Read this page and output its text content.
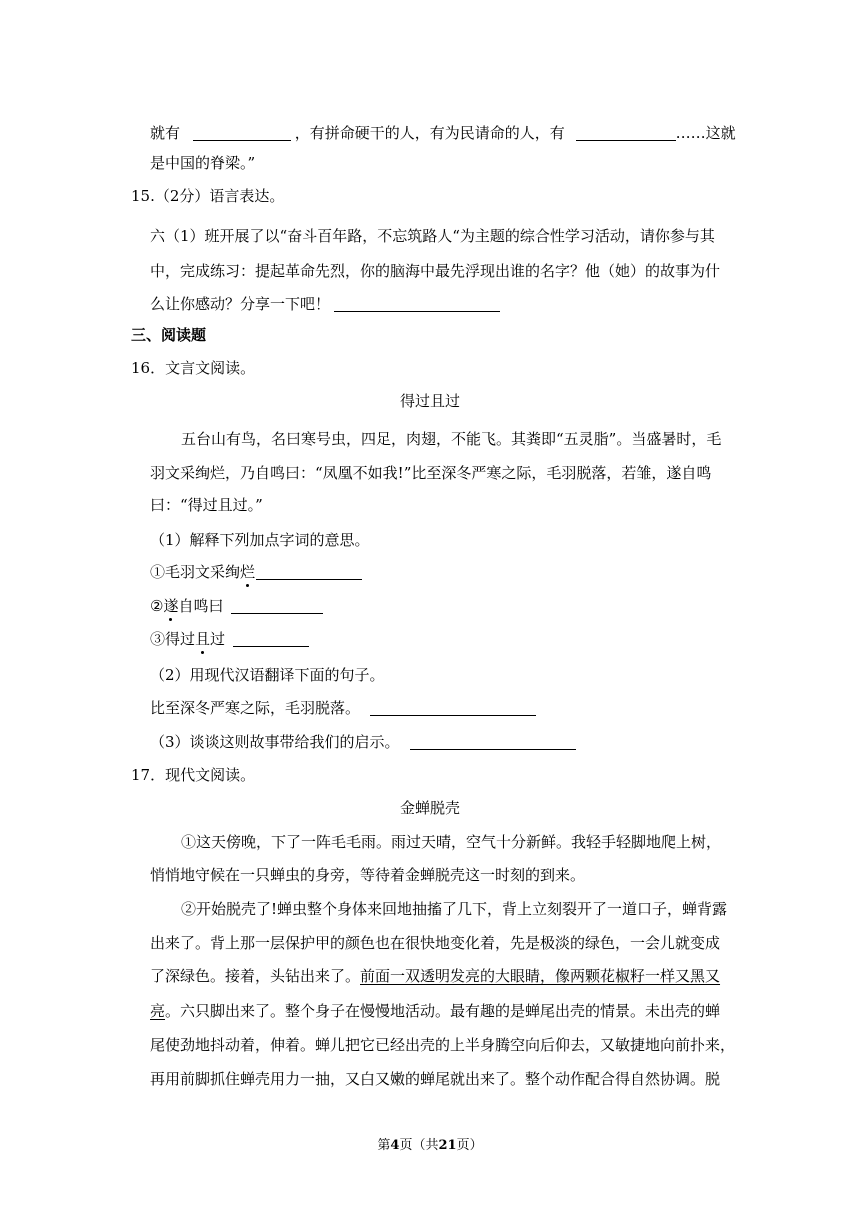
就有	，有拼命硬干的人，有为民请命的人，有	……这就
是中国的脊梁。”
15.（2分）语言表达。
六（1）班开展了以“奋斗百年路，不忘筑路人“为主题的综合性学习活动，请你参与其
中，完成练习：提起革命先烈，你的脑海中最先浮现出谁的名字？他（她）的故事为什
么让你感动？分享一下吧！
三、阅读题
16．文言文阅读。
得过且过
五台山有鸟，名曰寒号虫，四足，肉翅，不能飞。其粪即“五灵脂”。当盛暑时，毛
羽文采绚烂，乃自鸣曰：“凤凰不如我!”比至深冬严寒之际，毛羽脱落，若雏，遂自鸣
曰：“得过且过。”
（1）解释下列加点字词的意思。
①毛羽文采绚烂
②遂自鸣曰
③得过且过
（2）用现代汉语翻译下面的句子。
比至深冬严寒之际，毛羽脱落。
（3）谈谈这则故事带给我们的启示。
17．现代文阅读。
金蝉脱壳
①这天傍晚，下了一阵毛毛雨。雨过天晴，空气十分新鲜。我轻手轻脚地爬上树，
悄悄地守候在一只蝉虫的身旁，等待着金蝉脱壳这一时刻的到来。
②开始脱壳了!蝉虫整个身体来回地抽搐了几下，背上立刻裂开了一道口子，蝉背露
出来了。背上那一层保护甲的颜色也在很快地变化着，先是极淡的绿色，一会儿就变成
了深绿色。接着，头钻出来了。前面一双透明发亮的大眼睛，像两颗花椒籽一样又黑又
亮。六只脚出来了。整个身子在慢慢地活动。最有趣的是蝉尾出壳的情景。未出壳的蝉
尾使劲地抖动着，伸着。蝉儿把它已经出壳的上半身腾空向后仰去，又敏捷地向前扑来，
再用前脚抓住蝉壳用力一抽，又白又嫩的蝉尾就出来了。整个动作配合得自然协调。脱
第4页（共21页）
